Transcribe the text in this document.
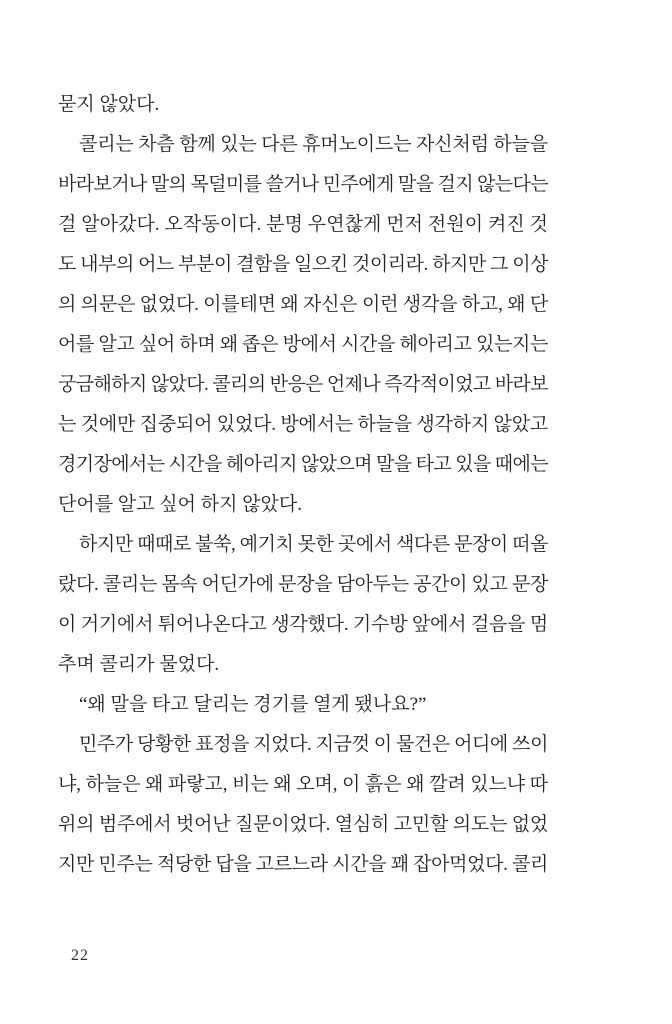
묻지 않았다.
콜리는 차츰 함께 있는 다른 휴머노이드는 자신처럼 하늘을
바라보거나 말의 목덜미를 쓸거나 민주에게 말을 걸지 않는다는
걸 알아갔다. 오작동이다. 분명 우연찮게 먼저 전원이 켜진 것
도 내부의 어느 부분이 결함을 일으킨 것이리라. 하지만 그 이상
의 의문은 없었다. 이를테면 왜 자신은 이런 생각을 하고, 왜 단
어를 알고 싶어 하며 왜 좁은 방에서 시간을 헤아리고 있는지는
궁금해하지 않았다. 콜리의 반응은 언제나 즉각적이었고 바라보
는 것에만 집중되어 있었다. 방에서는 하늘을 생각하지 않았고
경기장에서는 시간을 헤아리지 않았으며 말을 타고 있을 때에는
단어를 알고 싶어 하지 않았다.
하지만 때때로 불쑥, 예기치 못한 곳에서 색다른 문장이 떠올
랐다. 콜리는 몸속 어딘가에 문장을 담아두는 공간이 있고 문장
이 거기에서 튀어나온다고 생각했다. 기수방 앞에서 걸음을 멈
추며 콜리가 물었다.
“왜 말을 타고 달리는 경기를 열게 됐나요?”
민주가 당황한 표정을 지었다. 지금껏 이 물건은 어디에 쓰이
냐, 하늘은 왜 파랗고, 비는 왜 오며, 이 흙은 왜 깔려 있느냐 따
위의 범주에서 벗어난 질문이었다. 열심히 고민할 의도는 없었
지만 민주는 적당한 답을 고르느라 시간을 꽤 잡아먹었다. 콜리
22
